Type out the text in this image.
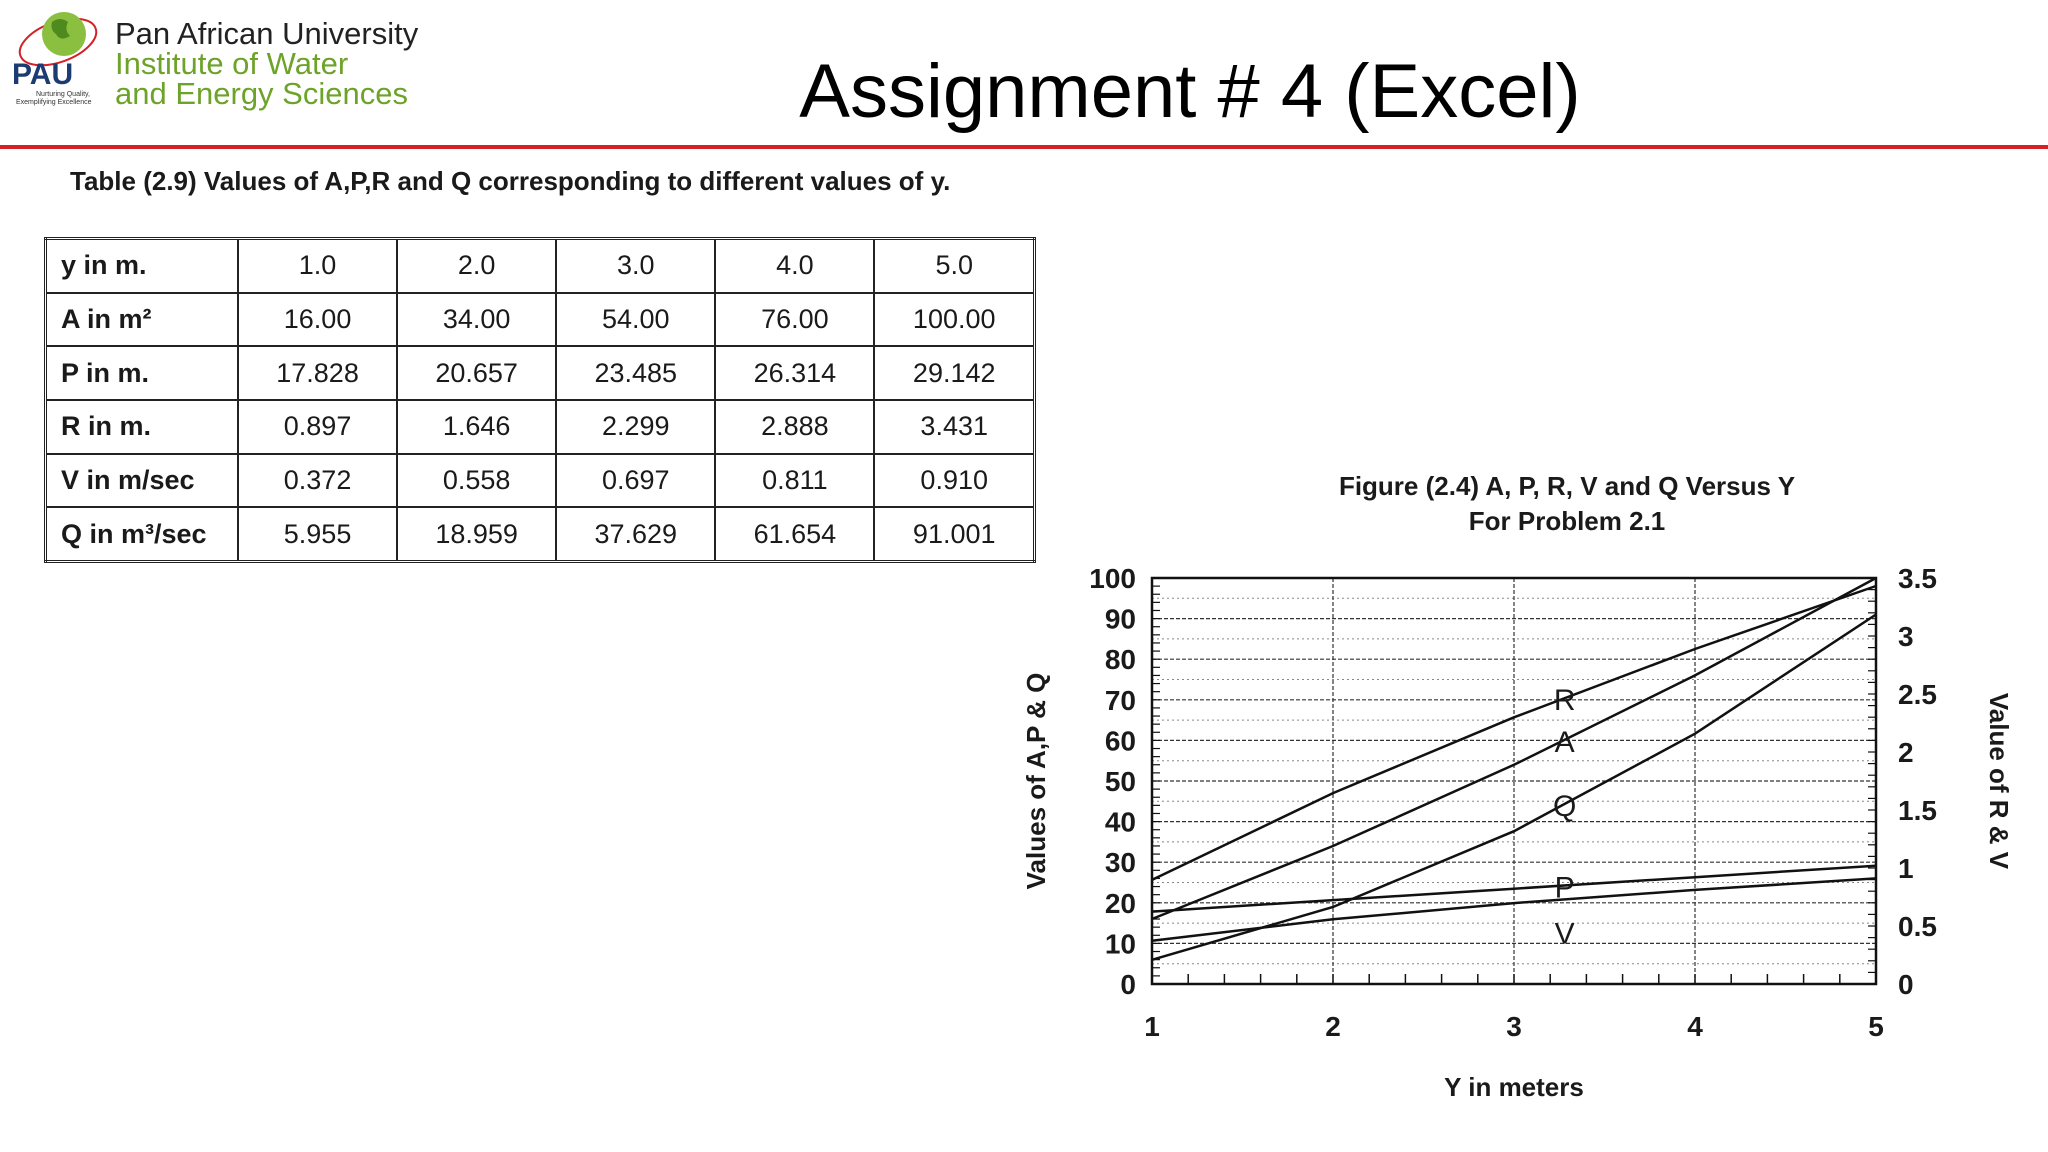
PAU
Nurturing Quality,
Exemplifying Excellence
Pan African University
Institute of Water
and Energy Sciences	Assignment # 4 (Excel)
Table (2.9) Values of A,P,R and Q corresponding to different values of y.
y in m.	1.0	2.0	3.0	4.0	5.0
A in m²	16.00	34.00	54.00	76.00	100.00
P in m.	17.828	20.657	23.485	26.314	29.142
R in m.	0.897	1.646	2.299	2.888	3.431
V in m/sec	0.372	0.558	0.697	0.811	0.910
Q in m³/sec	5.955	18.959	37.629	61.654	91.001
Figure (2.4) A, P, R, V and Q Versus Y
For Problem 2.1
0
10
20
30
40
50
60
70
80
90
100
0
0.5
1
1.5
2
2.5
3
3.5
1	2	3	4	5
Y in meters
Values of A,P & Q	Value of R & V
A
P
Q
R
V
